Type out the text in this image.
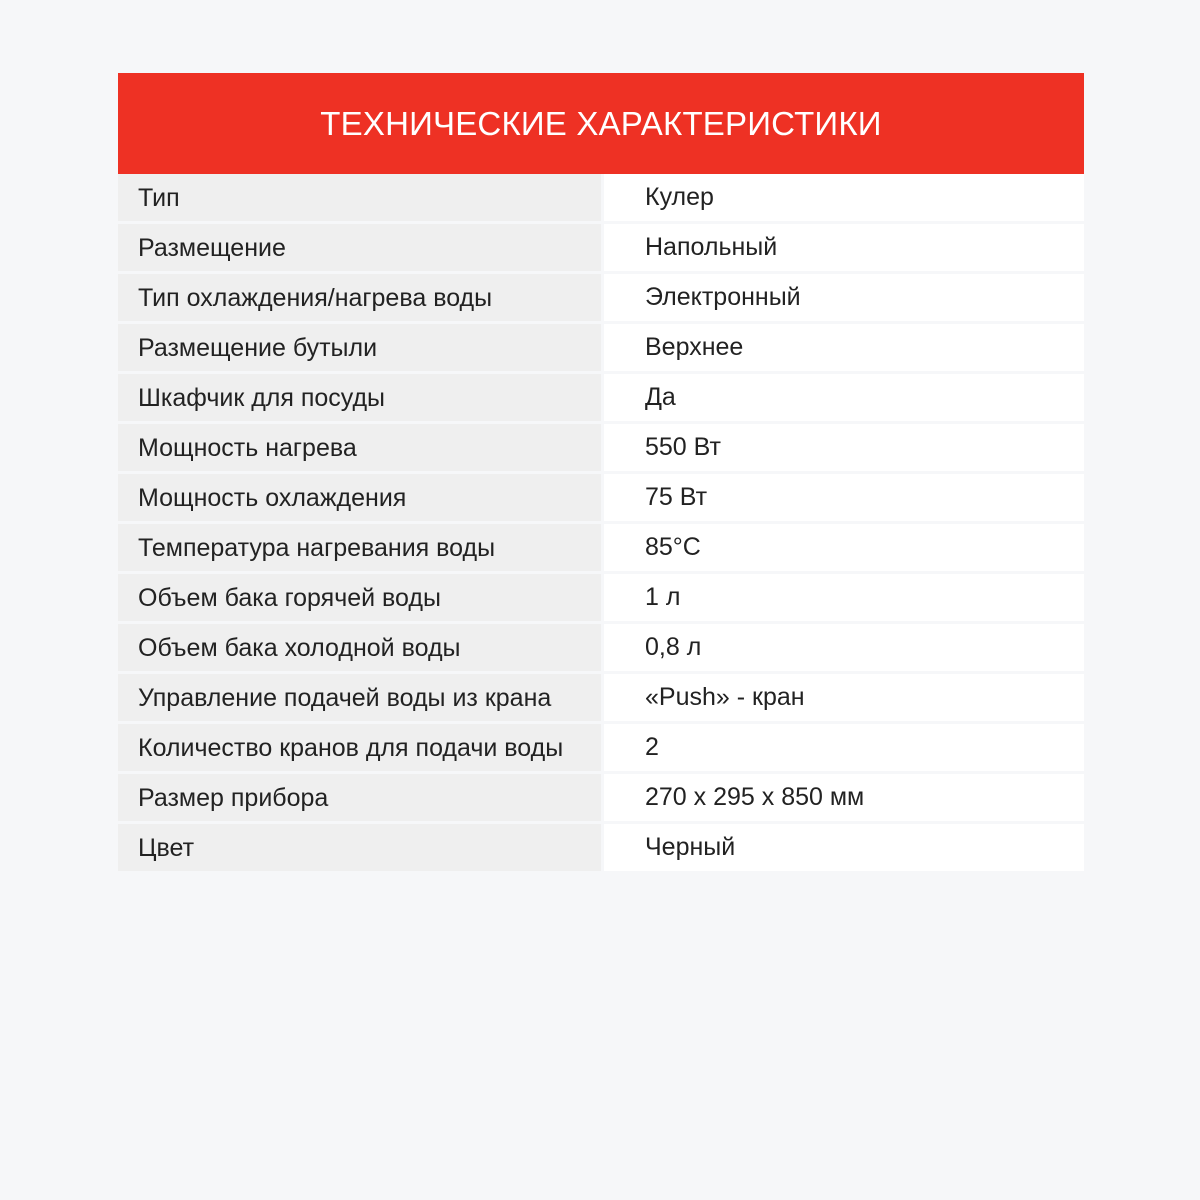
ТЕХНИЧЕСКИЕ ХАРАКТЕРИСТИКИ
Тип	Кулер
Размещение	Напольный
Тип охлаждения/нагрева воды	Электронный
Размещение бутыли	Верхнее
Шкафчик для посуды	Да
Мощность нагрева	550 Вт
Мощность охлаждения	75 Вт
Температура нагревания воды	85°C
Объем бака горячей воды	1 л
Объем бака холодной воды	0,8 л
Управление подачей воды из крана	«Push» - кран
Количество кранов для подачи воды	2
Размер прибора	270 x 295 x 850 мм
Цвет	Черный
